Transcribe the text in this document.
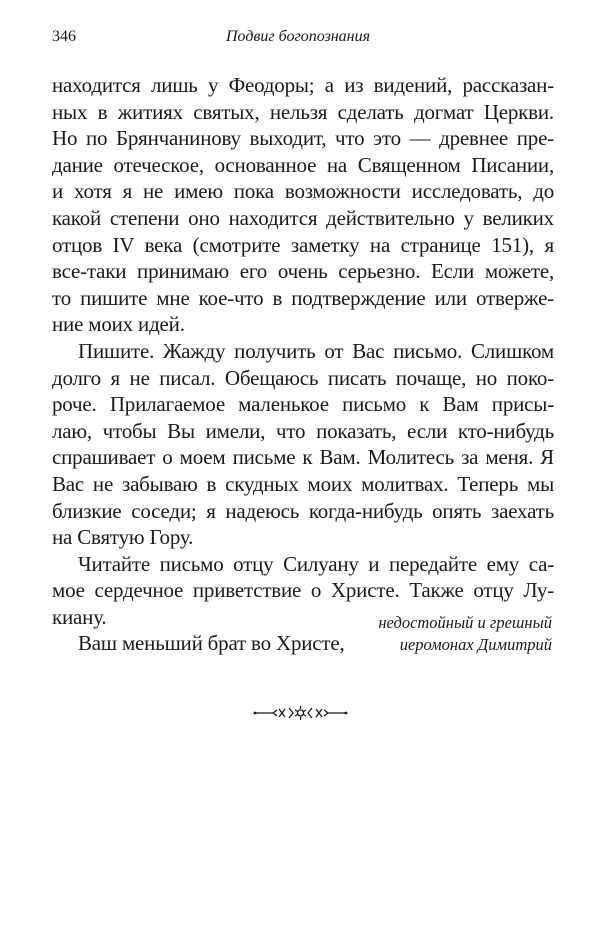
346	Подвиг богопознания
находится лишь у Феодоры; а из видений, рассказан-
ных в житиях святых, нельзя сделать догмат Церкви.
Но по Брянчанинову выходит, что это — древнее пре-
дание отеческое, основанное на Священном Писании,
и хотя я не имею пока возможности исследовать, до
какой степени оно находится действительно у великих
отцов IV века (смотрите заметку на странице 151), я
все-таки принимаю его очень серьезно. Если можете,
то пишите мне кое-что в подтверждение или отверже-
ние моих идей.
Пишите. Жажду получить от Вас письмо. Слишком
долго я не писал. Обещаюсь писать почаще, но поко-
роче. Прилагаемое маленькое письмо к Вам присы-
лаю, чтобы Вы имели, что показать, если кто-нибудь
спрашивает о моем письме к Вам. Молитесь за меня. Я
Вас не забываю в скудных моих молитвах. Теперь мы
близкие соседи; я надеюсь когда-нибудь опять заехать
на Святую Гору.
Читайте письмо отцу Силуану и передайте ему са-
мое сердечное приветствие о Христе. Также отцу Лу-
киану.
Ваш меньший брат во Христе,
недостойный и грешный
иеромонах Димитрий
